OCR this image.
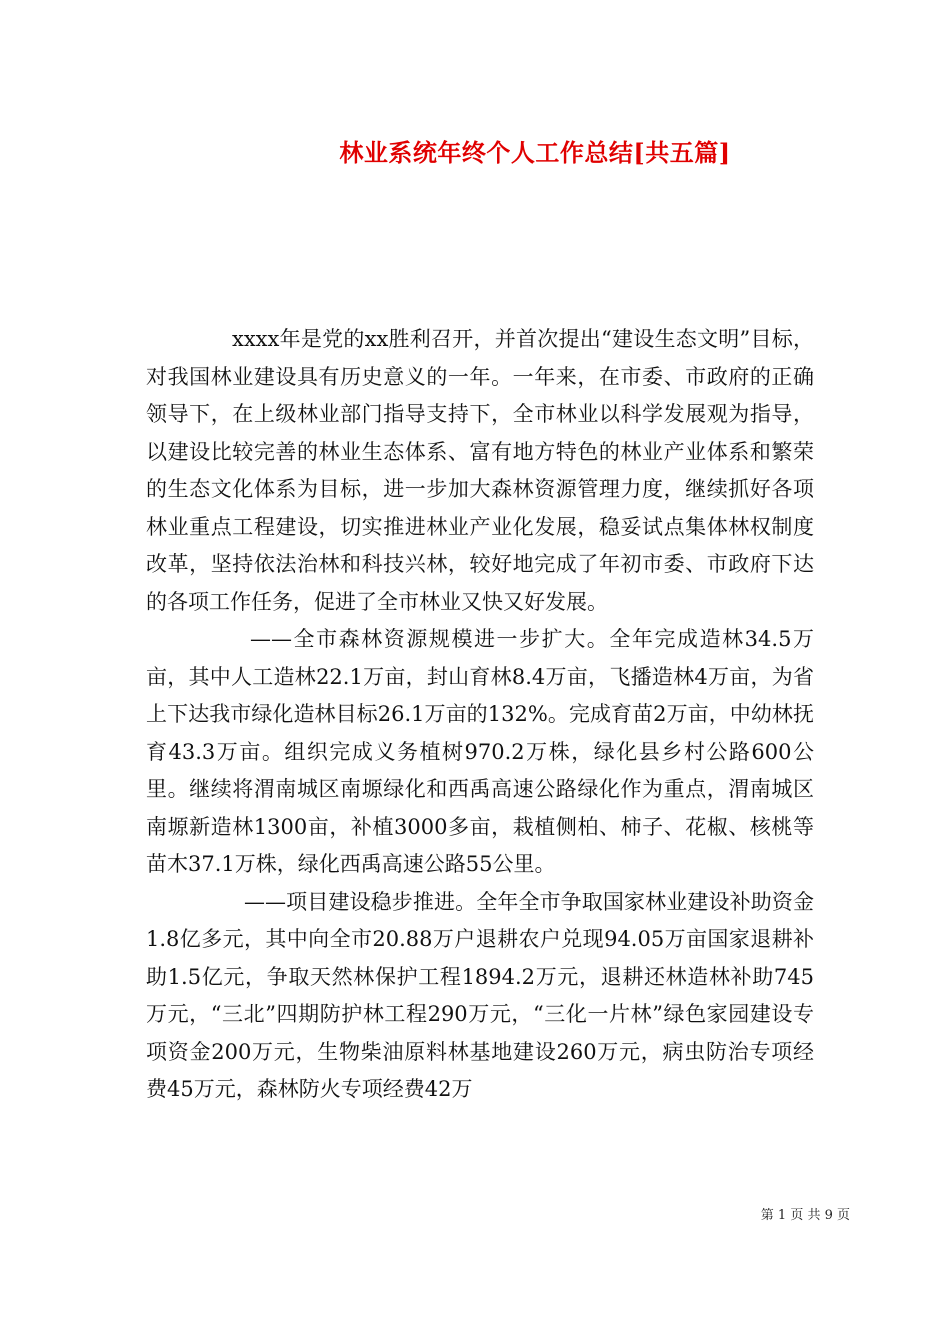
林业系统年终个人工作总结[共五篇]

xxxx年是党的xx胜利召开，并首次提出“建设生态文明”目标，对我国林业建设具有历史意义的一年。一年来，在市委、市政府的正确领导下，在上级林业部门指导支持下，全市林业以科学发展观为指导，以建设比较完善的林业生态体系、富有地方特色的林业产业体系和繁荣的生态文化体系为目标，进一步加大森林资源管理力度，继续抓好各项林业重点工程建设，切实推进林业产业化发展，稳妥试点集体林权制度改革，坚持依法治林和科技兴林，较好地完成了年初市委、市政府下达的各项工作任务，促进了全市林业又快又好发展。

——全市森林资源规模进一步扩大。全年完成造林34.5万亩，其中人工造林22.1万亩，封山育林8.4万亩，飞播造林4万亩，为省上下达我市绿化造林目标26.1万亩的132%。完成育苗2万亩，中幼林抚育43.3万亩。组织完成义务植树970.2万株，绿化县乡村公路600公里。继续将渭南城区南塬绿化和西禹高速公路绿化作为重点，渭南城区南塬新造林1300亩，补植3000多亩，栽植侧柏、柿子、花椒、核桃等苗木37.1万株，绿化西禹高速公路55公里。

——项目建设稳步推进。全年全市争取国家林业建设补助资金1.8亿多元，其中向全市20.88万户退耕农户兑现94.05万亩国家退耕补助1.5亿元，争取天然林保护工程1894.2万元，退耕还林造林补助745万元，“三北”四期防护林工程290万元，“三化一片林”绿色家园建设专项资金200万元，生物柴油原料林基地建设260万元，病虫防治专项经费45万元，森林防火专项经费42万

第 1 页 共 9 页
